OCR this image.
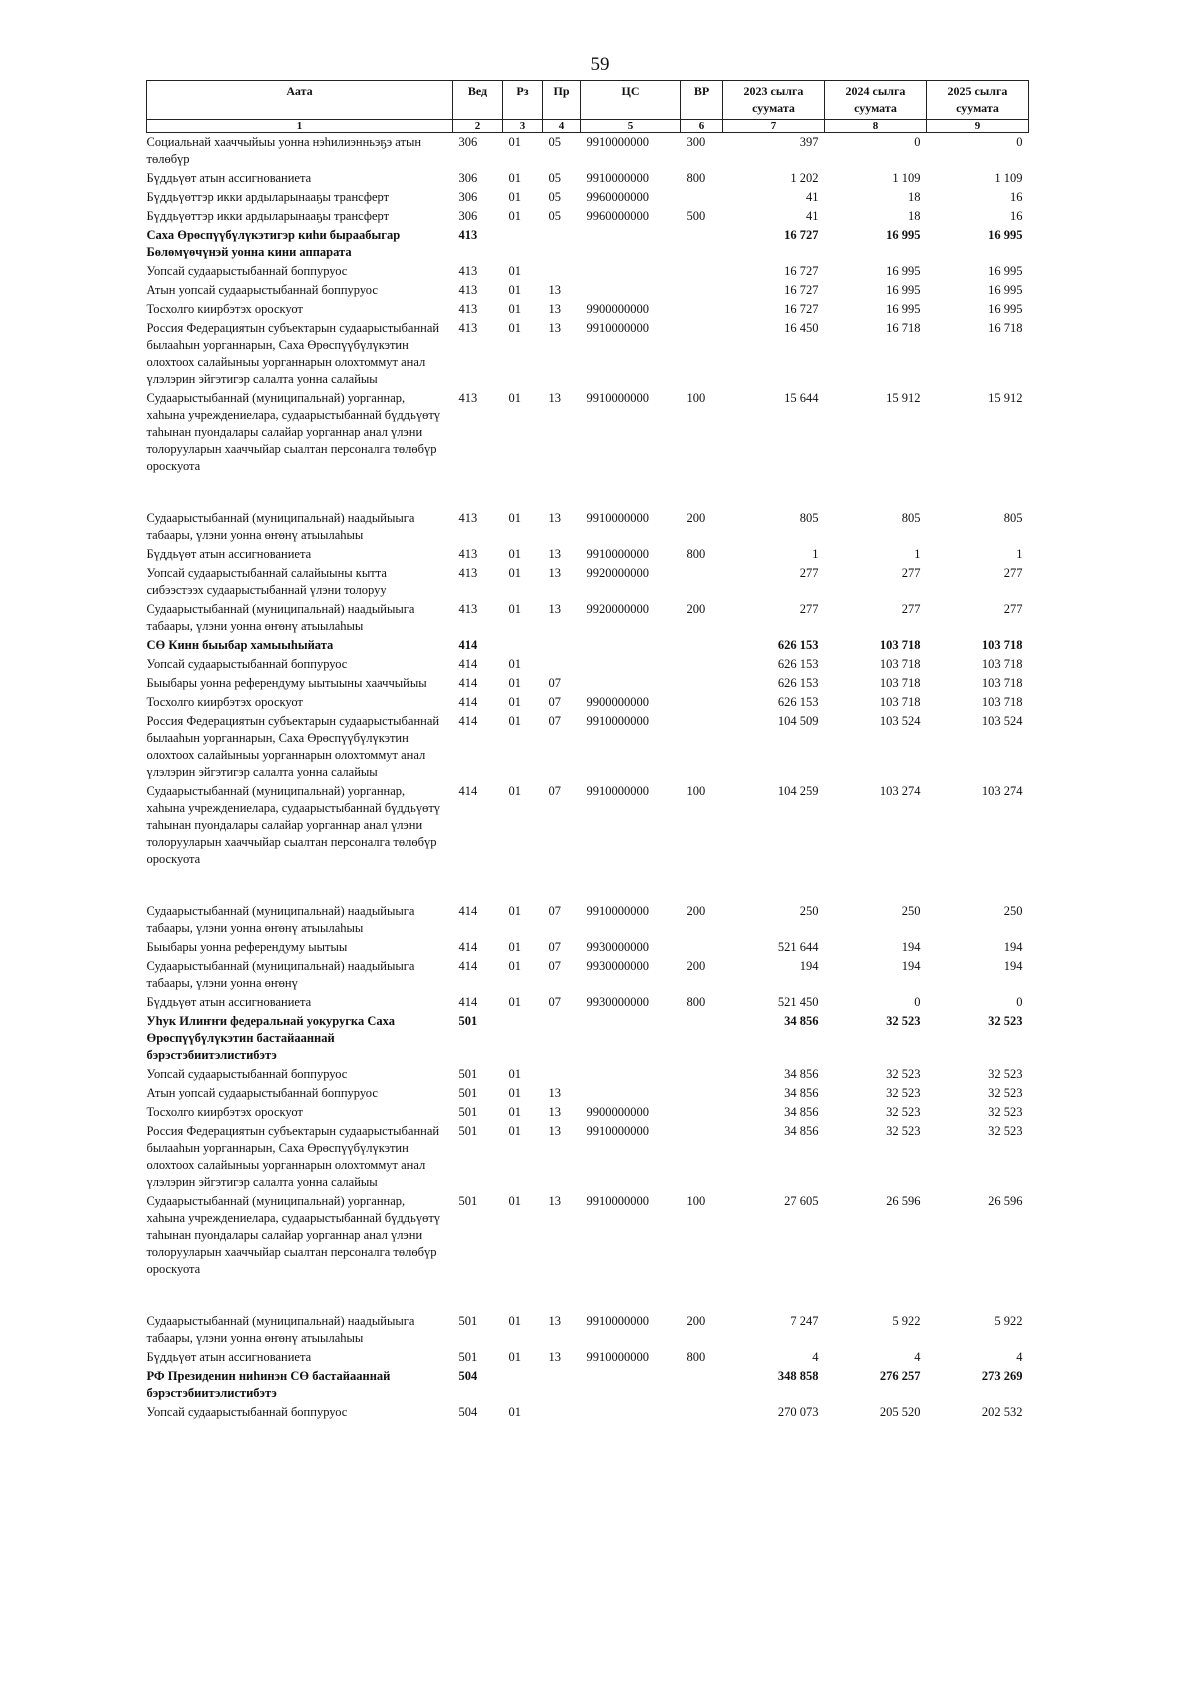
59
Аата	Вед	Рз	Пр	ЦС	ВР	2023 сылга суумата	2024 сылга суумата	2025 сылга суумата
1	2	3	4	5	6	7	8	9
Социальнай хааччыйыы уонна нэһилиэнньэҕэ атын төлөбүр	306	01	05	9910000000	300	397	0	0
Бүддьүөт атын ассигнованиета	306	01	05	9910000000	800	1 202	1 109	1 109
Бүддьүөттэр икки ардыларынааҕы трансферт	306	01	05	9960000000		41	18	16
Бүддьүөттэр икки ардыларынааҕы трансферт	306	01	05	9960000000	500	41	18	16
Саха Өрөспүүбүлүкэтигэр киһи быраабыгар Бөлөмүөчүнэй уонна кини аппарата	413					16 727	16 995	16 995
Уопсай судаарыстыбаннай боппуруос	413	01				16 727	16 995	16 995
Атын уопсай судаарыстыбаннай боппуруос	413	01	13			16 727	16 995	16 995
Тосхолго киирбэтэх ороскуот	413	01	13	9900000000		16 727	16 995	16 995
Россия Федерациятын субъектарын судаарыстыбаннай былааһын уорганнарын, Саха Өрөспүүбүлүкэтин олохтоох салайыныы уорганнарын олохтоммут анал үлэлэрин эйгэтигэр салалта уонна салайыы	413	01	13	9910000000		16 450	16 718	16 718
Судаарыстыбаннай (муниципальнай) уорганнар, хаһына учреждениелара, судаарыстыбаннай бүддьүөтү таһынан пуондалары салайар уорганнар анал үлэни толорууларын хааччыйар сыалтан персоналга төлөбүр ороскуота	413	01	13	9910000000	100	15 644	15 912	15 912
Судаарыстыбаннай (муниципальнай) наадыйыыга табаары, үлэни уонна өҥөнү атыылаһыы	413	01	13	9910000000	200	805	805	805
Бүддьүөт атын ассигнованиета	413	01	13	9910000000	800	1	1	1
Уопсай судаарыстыбаннай салайыыны кытта сибээстээх судаарыстыбаннай үлэни толоруу	413	01	13	9920000000		277	277	277
Судаарыстыбаннай (муниципальнай) наадыйыыга табаары, үлэни уонна өҥөнү атыылаһыы	413	01	13	9920000000	200	277	277	277
СӨ Кинн быыбар хамыыһыйата	414					626 153	103 718	103 718
Уопсай судаарыстыбаннай боппуруос	414	01				626 153	103 718	103 718
Быыбары уонна референдуму ыытыыны хааччыйыы	414	01	07			626 153	103 718	103 718
Тосхолго киирбэтэх ороскуот	414	01	07	9900000000		626 153	103 718	103 718
Россия Федерациятын субъектарын судаарыстыбаннай былааһын уорганнарын, Саха Өрөспүүбүлүкэтин олохтоох салайыныы уорганнарын олохтоммут анал үлэлэрин эйгэтигэр салалта уонна салайыы	414	01	07	9910000000		104 509	103 524	103 524
Судаарыстыбаннай (муниципальнай) уорганнар, хаһына учреждениелара, судаарыстыбаннай бүддьүөтү таһынан пуондалары салайар уорганнар анал үлэни толорууларын хааччыйар сыалтан персоналга төлөбүр ороскуота	414	01	07	9910000000	100	104 259	103 274	103 274
Судаарыстыбаннай (муниципальнай) наадыйыыга табаары, үлэни уонна өҥөнү атыылаһыы	414	01	07	9910000000	200	250	250	250
Быыбары уонна референдуму ыытыы	414	01	07	9930000000		521 644	194	194
Судаарыстыбаннай (муниципальнай) наадыйыыга табаары, үлэни уонна өҥөнү	414	01	07	9930000000	200	194	194	194
Бүддьүөт атын ассигнованиета	414	01	07	9930000000	800	521 450	0	0
Уһук Илиҥҥи федеральнай уокуругка Саха Өрөспүүбүлүкэтин бастайааннай бэрэстэбиитэлистибэтэ	501					34 856	32 523	32 523
Уопсай судаарыстыбаннай боппуруос	501	01				34 856	32 523	32 523
Атын уопсай судаарыстыбаннай боппуруос	501	01	13			34 856	32 523	32 523
Тосхолго киирбэтэх ороскуот	501	01	13	9900000000		34 856	32 523	32 523
Россия Федерациятын субъектарын судаарыстыбаннай былааһын уорганнарын, Саха Өрөспүүбүлүкэтин олохтоох салайыныы уорганнарын олохтоммут анал үлэлэрин эйгэтигэр салалта уонна салайыы	501	01	13	9910000000		34 856	32 523	32 523
Судаарыстыбаннай (муниципальнай) уорганнар, хаһына учреждениелара, судаарыстыбаннай бүддьүөтү таһынан пуондалары салайар уорганнар анал үлэни толорууларын хааччыйар сыалтан персоналга төлөбүр ороскуота	501	01	13	9910000000	100	27 605	26 596	26 596
Судаарыстыбаннай (муниципальнай) наадыйыыга табаары, үлэни уонна өҥөнү атыылаһыы	501	01	13	9910000000	200	7 247	5 922	5 922
Бүддьүөт атын ассигнованиета	501	01	13	9910000000	800	4	4	4
РФ Президенин ниһинэн СӨ бастайааннай бэрэстэбиитэлистибэтэ	504					348 858	276 257	273 269
Уопсай судаарыстыбаннай боппуруос	504	01				270 073	205 520	202 532
